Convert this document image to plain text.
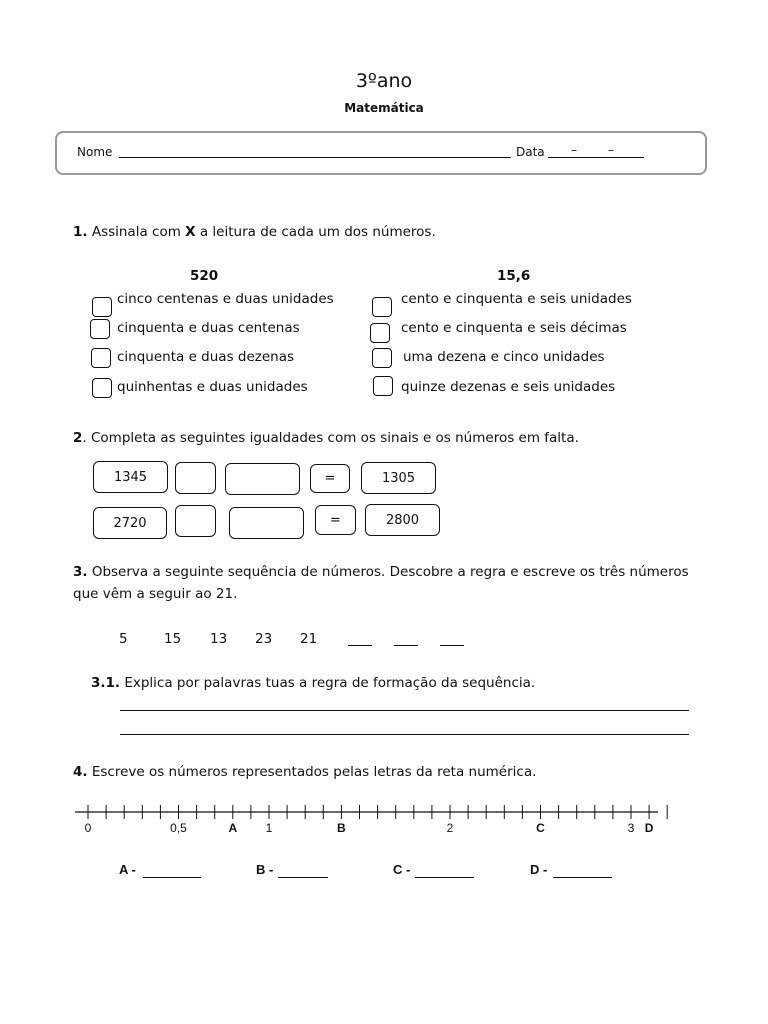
3ºano
Matemática
Nome	Data –	–
1. Assinala com X a leitura de cada um dos números.
520	15,6
cinco centenas e duas unidades
cinquenta e duas centenas
cinquenta e duas dezenas
quinhentas e duas unidades
cento e cinquenta e seis unidades
cento e cinquenta e seis décimas
uma dezena e cinco unidades
quinze dezenas e seis unidades
2. Completa as seguintes igualdades com os sinais e os números em falta.
1345	=	1305
2720	=	2800
3. Observa a seguinte sequência de números. Descobre a regra e escreve os três números
que vêm a seguir ao 21.
5	15 13 23 21
3.1. Explica por palavras tuas a regra de formação da sequência.
4. Escreve os números representados pelas letras da reta numérica.
0	0,5	A	1	B	2	C	3 D
A -	B -	C -	D -
